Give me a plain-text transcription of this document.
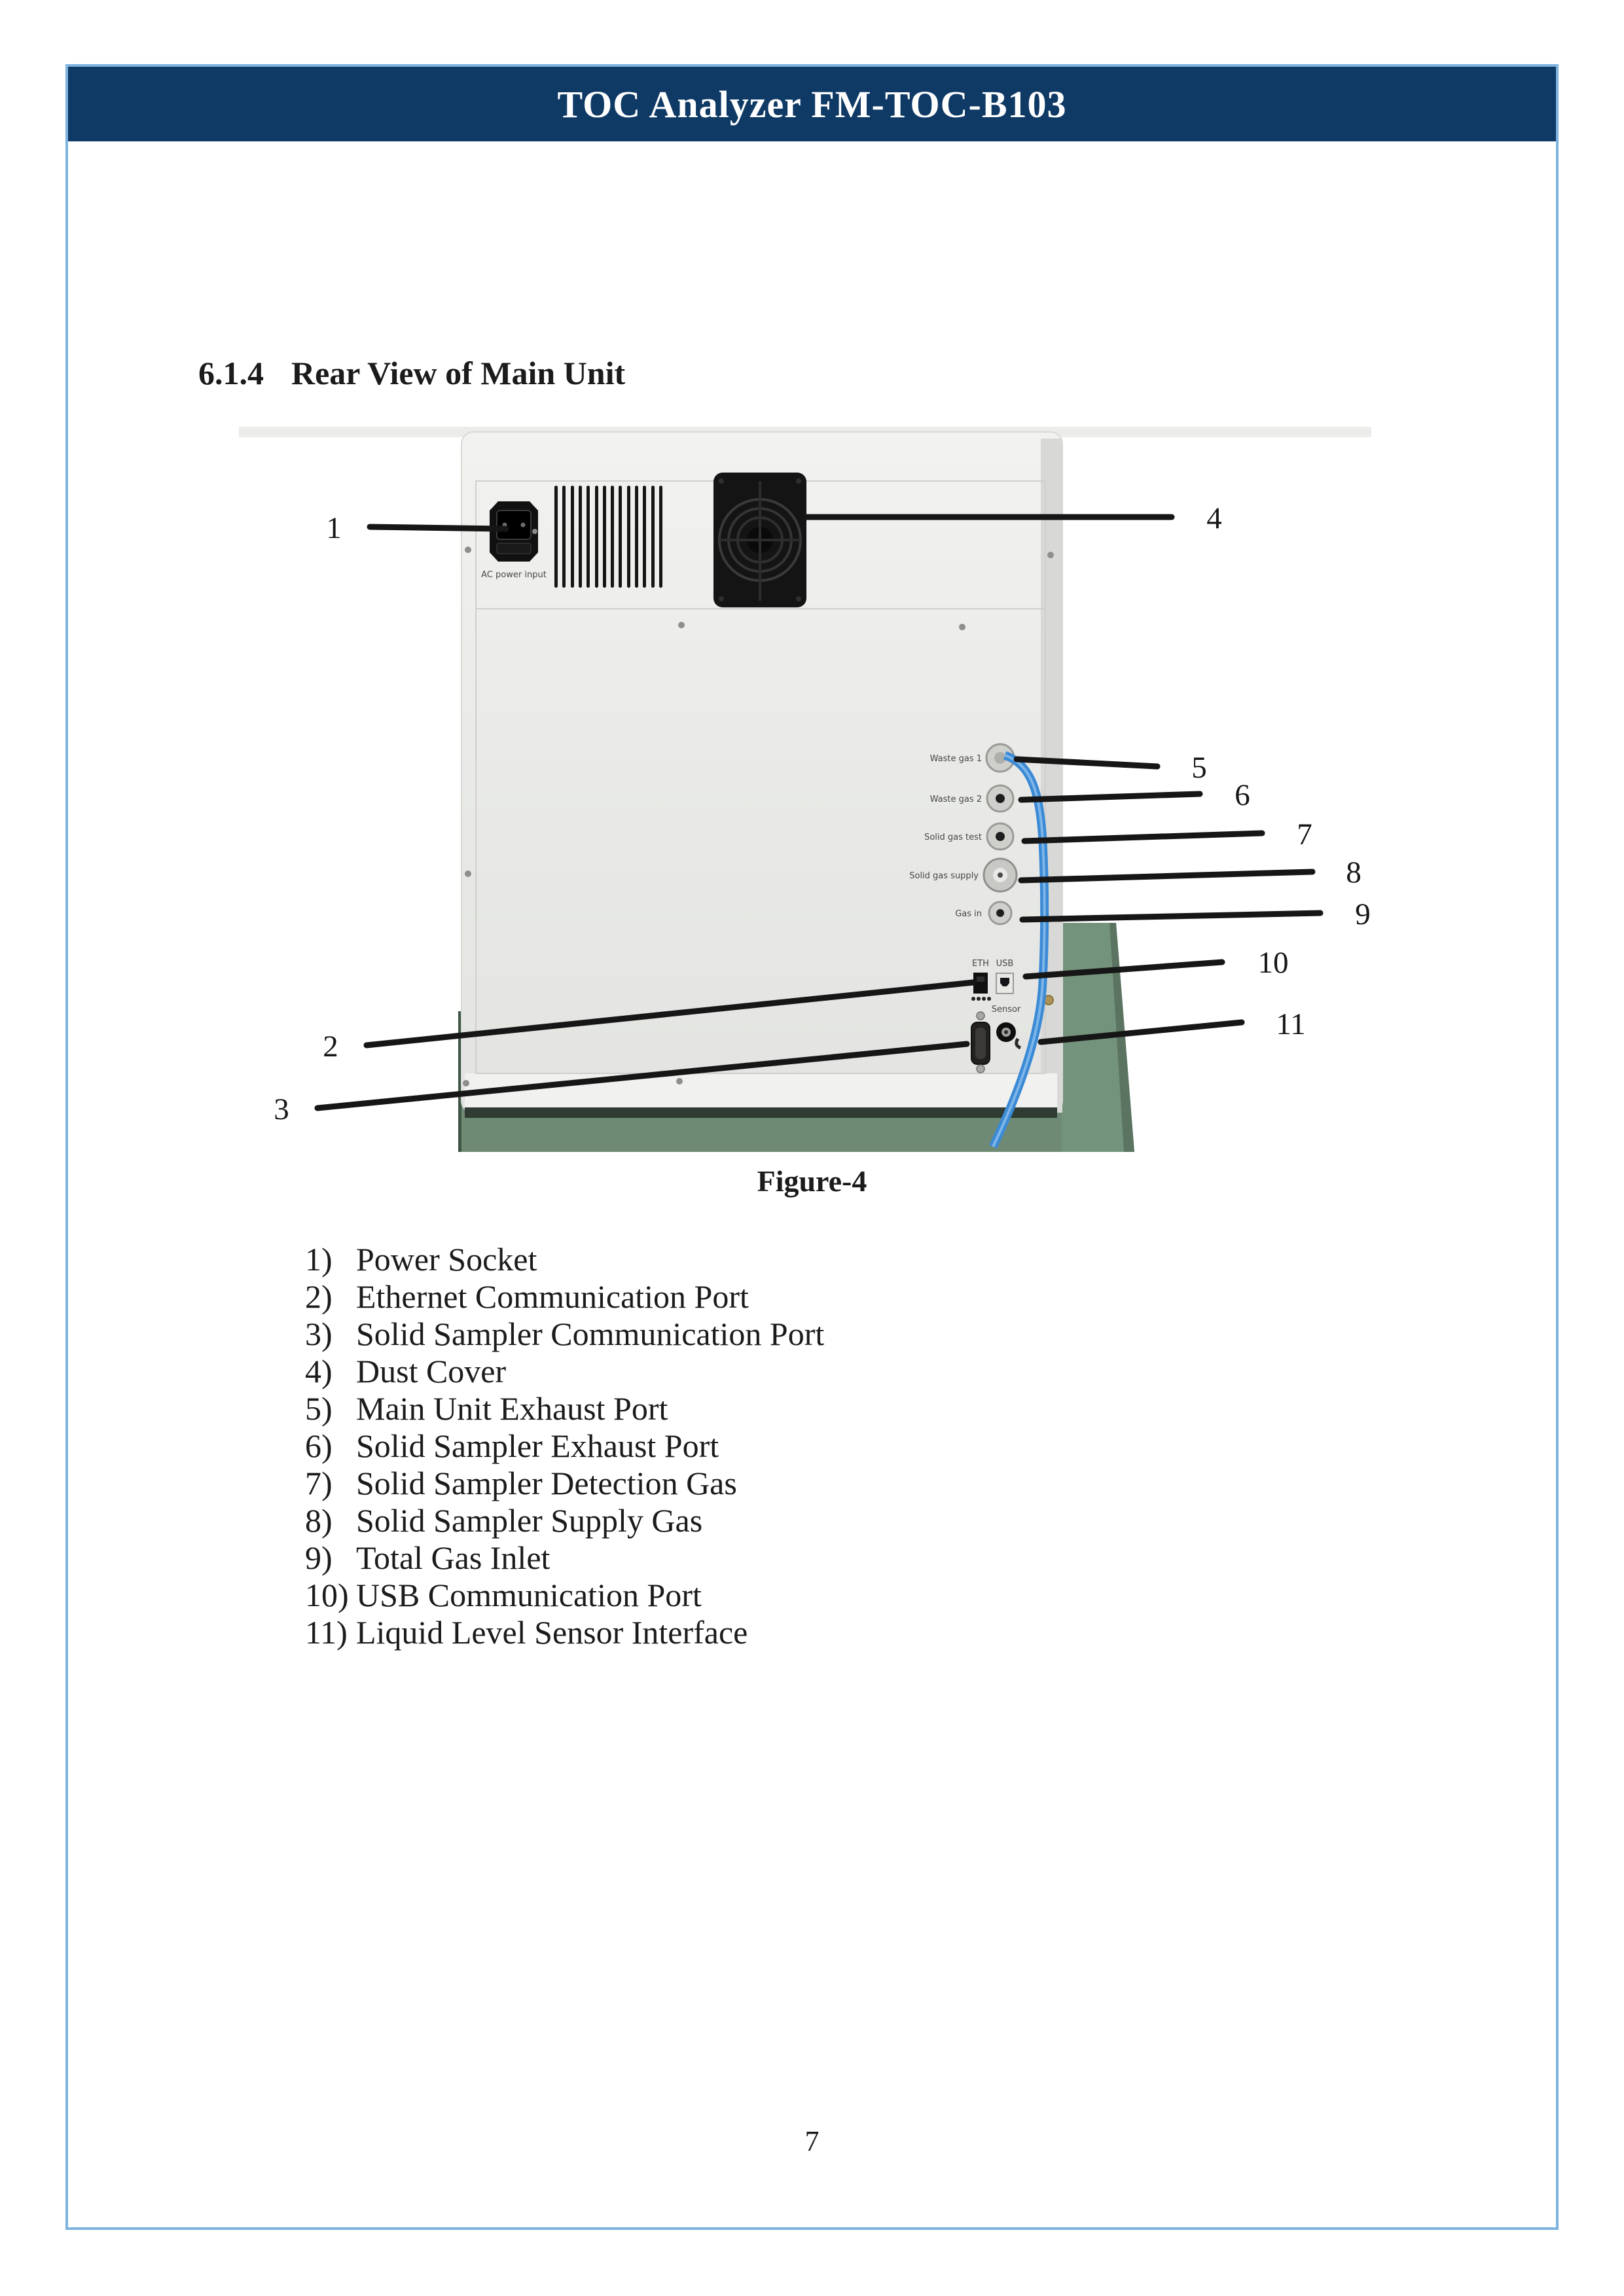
TOC Analyzer FM-TOC-B103
6.1.4 Rear View of Main Unit
AC power input
Waste gas 1
Waste gas 2
Solid gas test
Solid gas supply
Gas in
ETH USB
Sensor
1
2
3
4
5
6
7
8
9
10
11
Figure-4
1) Power Socket
2) Ethernet Communication Port
3) Solid Sampler Communication Port
4) Dust Cover
5) Main Unit Exhaust Port
6) Solid Sampler Exhaust Port
7) Solid Sampler Detection Gas
8) Solid Sampler Supply Gas
9) Total Gas Inlet
10) USB Communication Port
11) Liquid Level Sensor Interface
7
